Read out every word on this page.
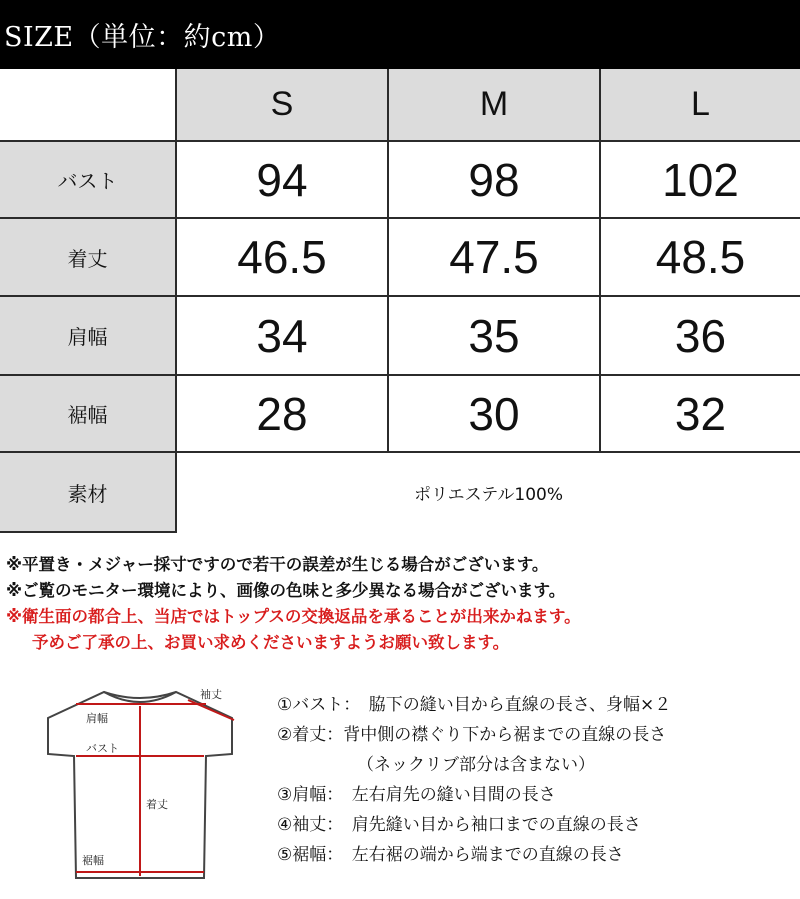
SIZE（単位：約cm）
	S	M	L
バスト	94	98	102
着丈	46.5	47.5	48.5
肩幅	34	35	36
裾幅	28	30	32
素材	ポリエステル100%		
※平置き・メジャー採寸ですので若干の誤差が生じる場合がございます。
※ご覧のモニター環境により、画像の色味と多少異なる場合がございます。
※衛生面の都合上、当店ではトップスの交換返品を承ることが出来かねます。
予めご了承の上、お買い求めくださいますようお願い致します。
袖丈
肩幅
バスト
着丈
裾幅
①バスト：　脇下の縫い目から直線の長さ、身幅×２
②着丈：背中側の襟ぐり下から裾までの直線の長さ
（ネックリブ部分は含まない）
③肩幅：　左右肩先の縫い目間の長さ
④袖丈：　肩先縫い目から袖口までの直線の長さ
⑤裾幅：　左右裾の端から端までの直線の長さ
